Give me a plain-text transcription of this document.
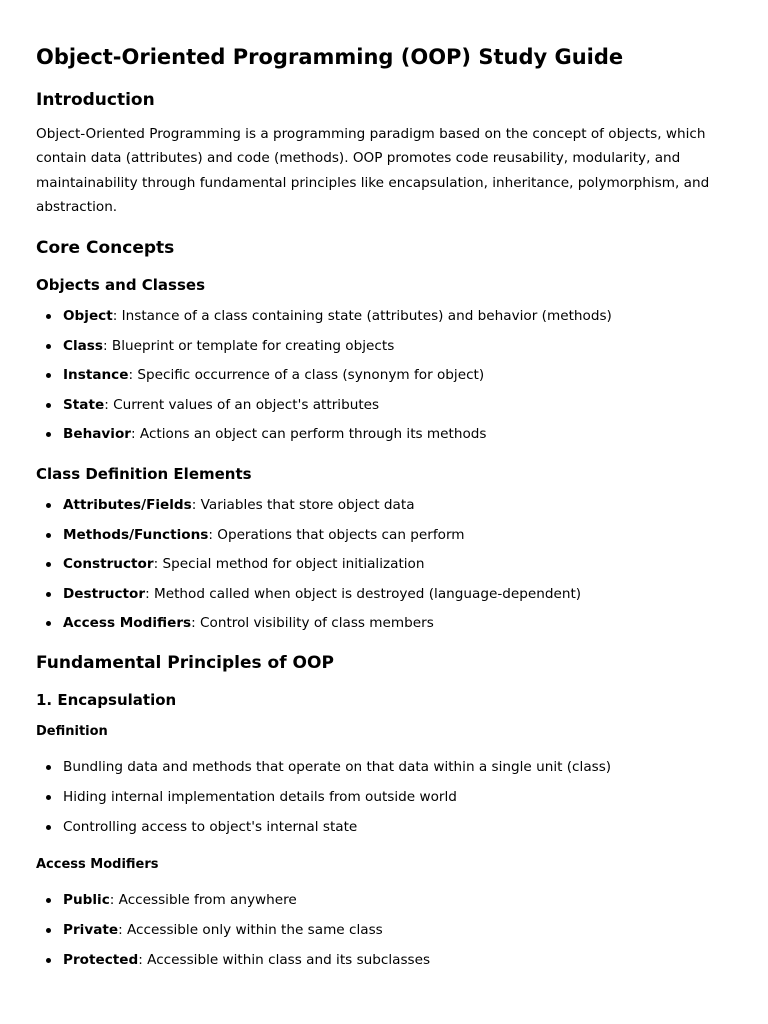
Object-Oriented Programming (OOP) Study Guide
Introduction

Object-Oriented Programming is a programming paradigm based on the concept of objects, which contain data (attributes) and code (methods). OOP promotes code reusability, modularity, and maintainability through fundamental principles like encapsulation, inheritance, polymorphism, and abstraction.

Core Concepts
Objects and Classes
Object: Instance of a class containing state (attributes) and behavior (methods)
Class: Blueprint or template for creating objects
Instance: Specific occurrence of a class (synonym for object)
State: Current values of an object's attributes
Behavior: Actions an object can perform through its methods
Class Definition Elements
Attributes/Fields: Variables that store object data
Methods/Functions: Operations that objects can perform
Constructor: Special method for object initialization
Destructor: Method called when object is destroyed (language-dependent)
Access Modifiers: Control visibility of class members
Fundamental Principles of OOP
1. Encapsulation
Definition
Bundling data and methods that operate on that data within a single unit (class)
Hiding internal implementation details from outside world
Controlling access to object's internal state
Access Modifiers
Public: Accessible from anywhere
Private: Accessible only within the same class
Protected: Accessible within class and its subclasses
